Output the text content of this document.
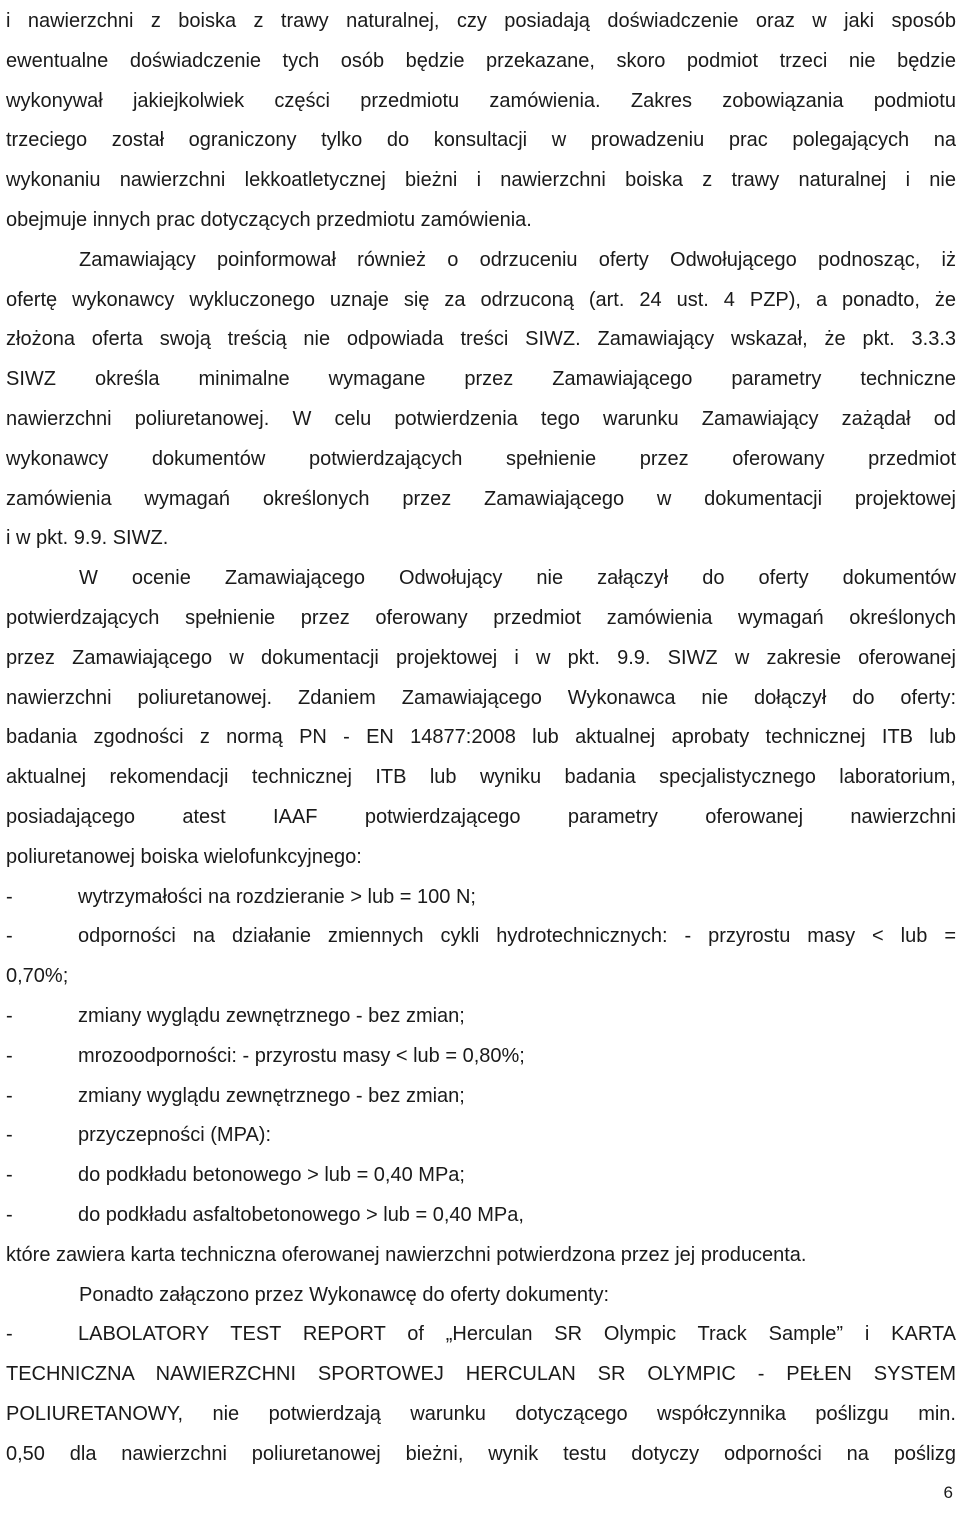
i nawierzchni z boiska z trawy naturalnej, czy posiadają doświadczenie oraz w jaki sposób
ewentualne doświadczenie tych osób będzie przekazane, skoro podmiot trzeci nie będzie
wykonywał jakiejkolwiek części przedmiotu zamówienia. Zakres zobowiązania podmiotu
trzeciego został ograniczony tylko do konsultacji w prowadzeniu prac polegających na
wykonaniu nawierzchni lekkoatletycznej bieżni i nawierzchni boiska z trawy naturalnej i nie
obejmuje innych prac dotyczących przedmiotu zamówienia.
Zamawiający poinformował również o odrzuceniu oferty Odwołującego podnosząc, iż
ofertę wykonawcy wykluczonego uznaje się za odrzuconą (art. 24 ust. 4 PZP), a ponadto, że
złożona oferta swoją treścią nie odpowiada treści SIWZ. Zamawiający wskazał, że pkt. 3.3.3
SIWZ określa minimalne wymagane przez Zamawiającego parametry techniczne
nawierzchni poliuretanowej. W celu potwierdzenia tego warunku Zamawiający zażądał od
wykonawcy dokumentów potwierdzających spełnienie przez oferowany przedmiot
zamówienia wymagań określonych przez Zamawiającego w dokumentacji projektowej
i w pkt. 9.9. SIWZ.
W ocenie Zamawiającego Odwołujący nie załączył do oferty dokumentów
potwierdzających spełnienie przez oferowany przedmiot zamówienia wymagań określonych
przez Zamawiającego w dokumentacji projektowej i w pkt. 9.9. SIWZ w zakresie oferowanej
nawierzchni poliuretanowej. Zdaniem Zamawiającego Wykonawca nie dołączył do oferty:
badania zgodności z normą PN - EN 14877:2008 lub aktualnej aprobaty technicznej ITB lub
aktualnej rekomendacji technicznej ITB lub wyniku badania specjalistycznego laboratorium,
posiadającego atest IAAF potwierdzającego parametry oferowanej nawierzchni
poliuretanowej boiska wielofunkcyjnego:
-	wytrzymałości na rozdzieranie > lub = 100 N;
-	odporności na działanie zmiennych cykli hydrotechnicznych: - przyrostu masy < lub =
0,70%;
-	zmiany wyglądu zewnętrznego - bez zmian;
-	mrozoodporności: - przyrostu masy < lub = 0,80%;
-	zmiany wyglądu zewnętrznego - bez zmian;
-	przyczepności (MPA):
-	do podkładu betonowego > lub = 0,40 MPa;
-	do podkładu asfaltobetonowego > lub = 0,40 MPa,
które zawiera karta techniczna oferowanej nawierzchni potwierdzona przez jej producenta.
Ponadto załączono przez Wykonawcę do oferty dokumenty:
-	LABOLATORY TEST REPORT of „Herculan SR Olympic Track Sample” i KARTA
TECHNICZNA NAWIERZCHNI SPORTOWEJ HERCULAN SR OLYMPIC - PEŁEN SYSTEM
POLIURETANOWY, nie potwierdzają warunku dotyczącego współczynnika poślizgu min.
0,50 dla nawierzchni poliuretanowej bieżni, wynik testu dotyczy odporności na poślizg
6
